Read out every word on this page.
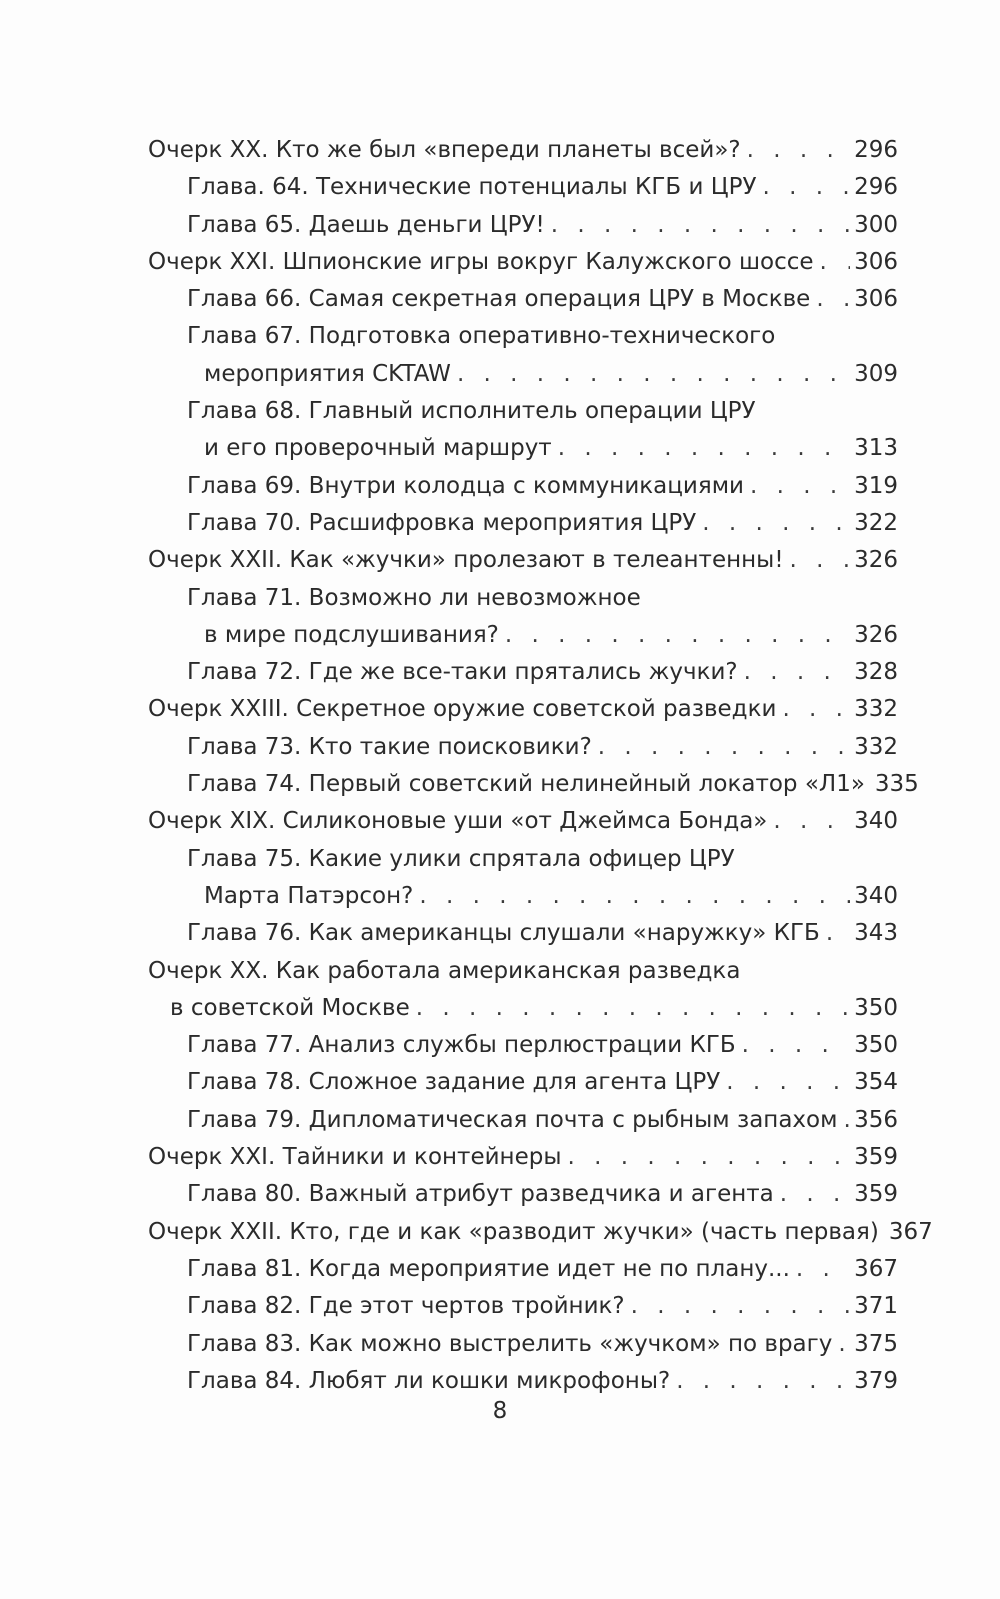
Очерк XX. Кто же был «впереди планеты всей»? . . .	296
Глава. 64. Технические потенциалы КГБ и ЦРУ . . .	296
Глава 65. Даешь деньги ЦРУ! . . .	300
Очерк XXI. Шпионские игры вокруг Калужского шоссе . . . 306
Глава 66. Самая секретная операция ЦРУ в Москве . . . 306
Глава 67. Подготовка оперативно-технического
мероприятия CKTAW . . .	309
Глава 68. Главный исполнитель операции ЦРУ
и его проверочный маршрут . . .	313
Глава 69. Внутри колодца с коммуникациями . . .	319
Глава 70. Расшифровка мероприятия ЦРУ . . .	322
Очерк XXII. Как «жучки» пролезают в телеантенны! . . .	326
Глава 71. Возможно ли невозможное
в мире подслушивания? . . .	326
Глава 72. Где же все-таки прятались жучки? . . .	328
Очерк XXIII. Секретное оружие советской разведки . . .	332
Глава 73. Кто такие поисковики? . . .	332
Глава 74. Первый советский нелинейный локатор «Л1» 335
Очерк XIX. Силиконовые уши «от Джеймса Бонда» . . .	340
Глава 75. Какие улики спрятала офицер ЦРУ
Марта Патэрсон? . . .	340
Глава 76. Как американцы слушали «наружку» КГБ . . . 343
Очерк XX. Как работала американская разведка
в советской Москве . . .	350
Глава 77. Анализ службы перлюстрации КГБ . . .	350
Глава 78. Сложное задание для агента ЦРУ . . .	354
Глава 79. Дипломатическая почта с рыбным запахом . . . 356
Очерк XXI. Тайники и контейнеры . . .	359
Глава 80. Важный атрибут разведчика и агента . . .	359
Очерк XXII. Кто, где и как «разводит жучки» (часть первая) 367
Глава 81. Когда мероприятие идет не по плану... . . .	367
Глава 82. Где этот чертов тройник? . . .	371
Глава 83. Как можно выстрелить «жучком» по врагу . . . 375
Глава 84. Любят ли кошки микрофоны? . . .	379
8
